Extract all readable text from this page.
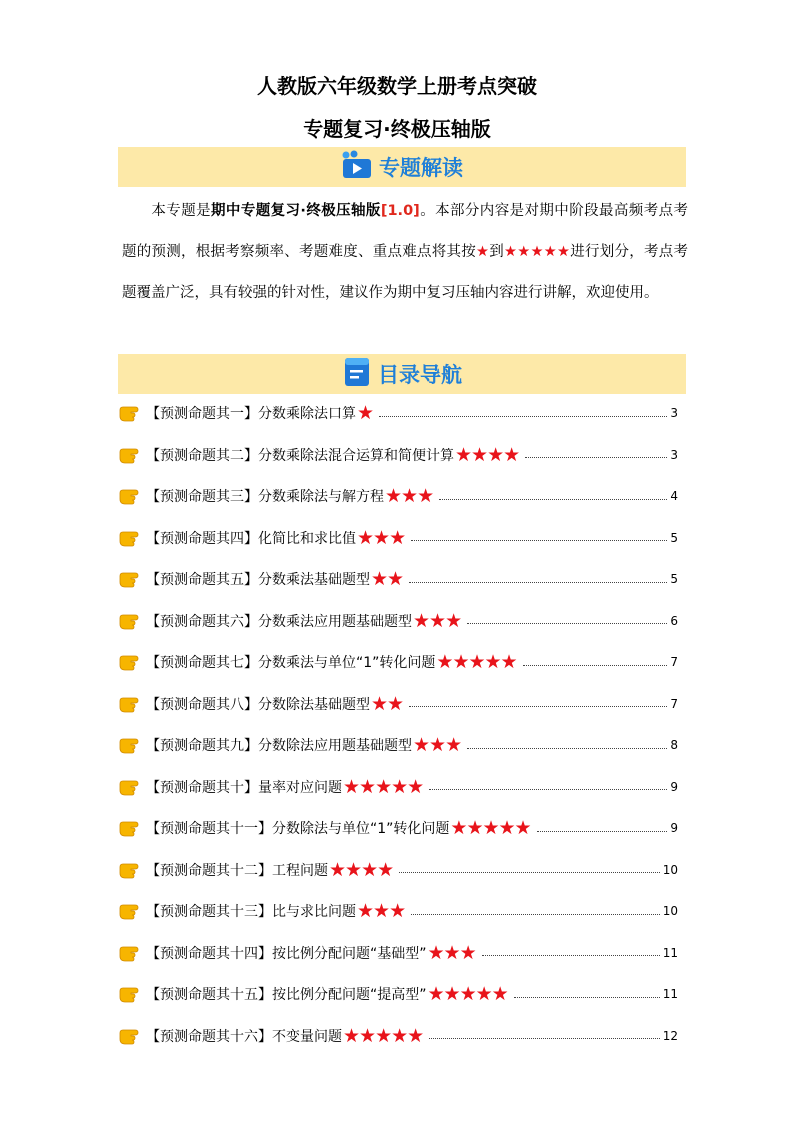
人教版六年级数学上册考点突破
专题复习·终极压轴版
专题解读
本专题是期中专题复习·终极压轴版[1.0]。本部分内容是对期中阶段最高频考点考题的预测，根据考察频率、考题难度、重点难点将其按★到★★★★★进行划分，考点考题覆盖广泛，具有较强的针对性，建议作为期中复习压轴内容进行讲解，欢迎使用。
目录导航
【预测命题其一】分数乘除法口算 ★	3
【预测命题其二】分数乘除法混合运算和简便计算 ★★★★	3
【预测命题其三】分数乘除法与解方程 ★★★	4
【预测命题其四】化简比和求比值 ★★★	5
【预测命题其五】分数乘法基础题型 ★★	5
【预测命题其六】分数乘法应用题基础题型 ★★★	6
【预测命题其七】分数乘法与单位“1”转化问题 ★★★★★	7
【预测命题其八】分数除法基础题型 ★★	7
【预测命题其九】分数除法应用题基础题型 ★★★	8
【预测命题其十】量率对应问题 ★★★★★	9
【预测命题其十一】分数除法与单位“1”转化问题 ★★★★★	9
【预测命题其十二】工程问题 ★★★★	10
【预测命题其十三】比与求比问题 ★★★	10
【预测命题其十四】按比例分配问题“基础型” ★★★	11
【预测命题其十五】按比例分配问题“提高型” ★★★★★	11
【预测命题其十六】不变量问题 ★★★★★	12
